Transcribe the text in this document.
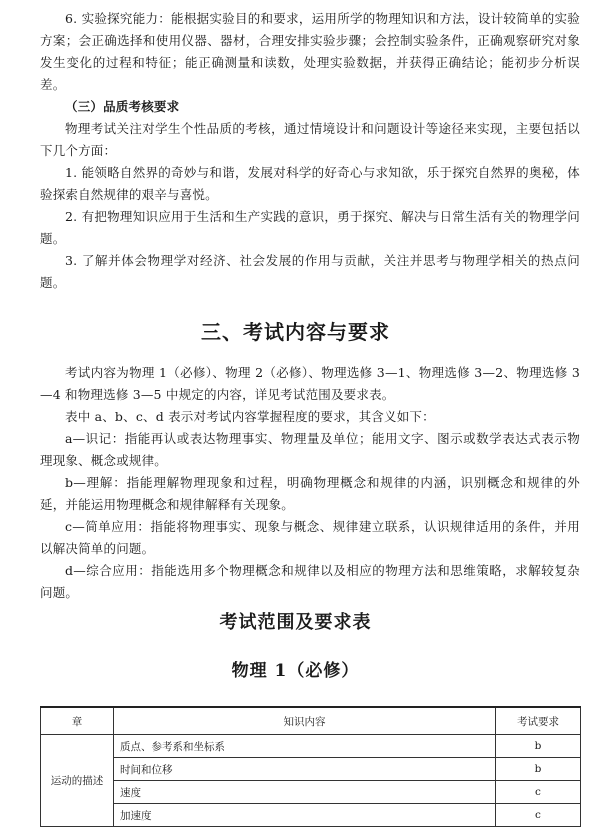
6. 实验探究能力：能根据实验目的和要求，运用所学的物理知识和方法，设计较简单的实验方案；会正确选择和使用仪器、器材，合理安排实验步骤；会控制实验条件，正确观察研究对象发生变化的过程和特征；能正确测量和读数，处理实验数据，并获得正确结论；能初步分析误差。
（三）品质考核要求
物理考试关注对学生个性品质的考核，通过情境设计和问题设计等途径来实现，主要包括以下几个方面：
1. 能领略自然界的奇妙与和谐，发展对科学的好奇心与求知欲，乐于探究自然界的奥秘，体验探索自然规律的艰辛与喜悦。
2. 有把物理知识应用于生活和生产实践的意识，勇于探究、解决与日常生活有关的物理学问题。
3. 了解并体会物理学对经济、社会发展的作用与贡献，关注并思考与物理学相关的热点问题。
三、考试内容与要求
考试内容为物理 1（必修）、物理 2（必修）、物理选修 3—1、物理选修 3—2、物理选修 3—4 和物理选修 3—5 中规定的内容，详见考试范围及要求表。
表中 a、b、c、d 表示对考试内容掌握程度的要求，其含义如下：
a—识记：指能再认或表达物理事实、物理量及单位；能用文字、图示或数学表达式表示物理现象、概念或规律。
b—理解：指能理解物理现象和过程，明确物理概念和规律的内涵，识别概念和规律的外延，并能运用物理概念和规律解释有关现象。
c—简单应用：指能将物理事实、现象与概念、规律建立联系，认识规律适用的条件，并用以解决简单的问题。
d—综合应用：指能选用多个物理概念和规律以及相应的物理方法和思维策略，求解较复杂问题。
考试范围及要求表
物理 1（必修）
章	知识内容	考试要求
运动的描述	质点、参考系和坐标系	b
	时间和位移	b
	速度	c
	加速度	c
